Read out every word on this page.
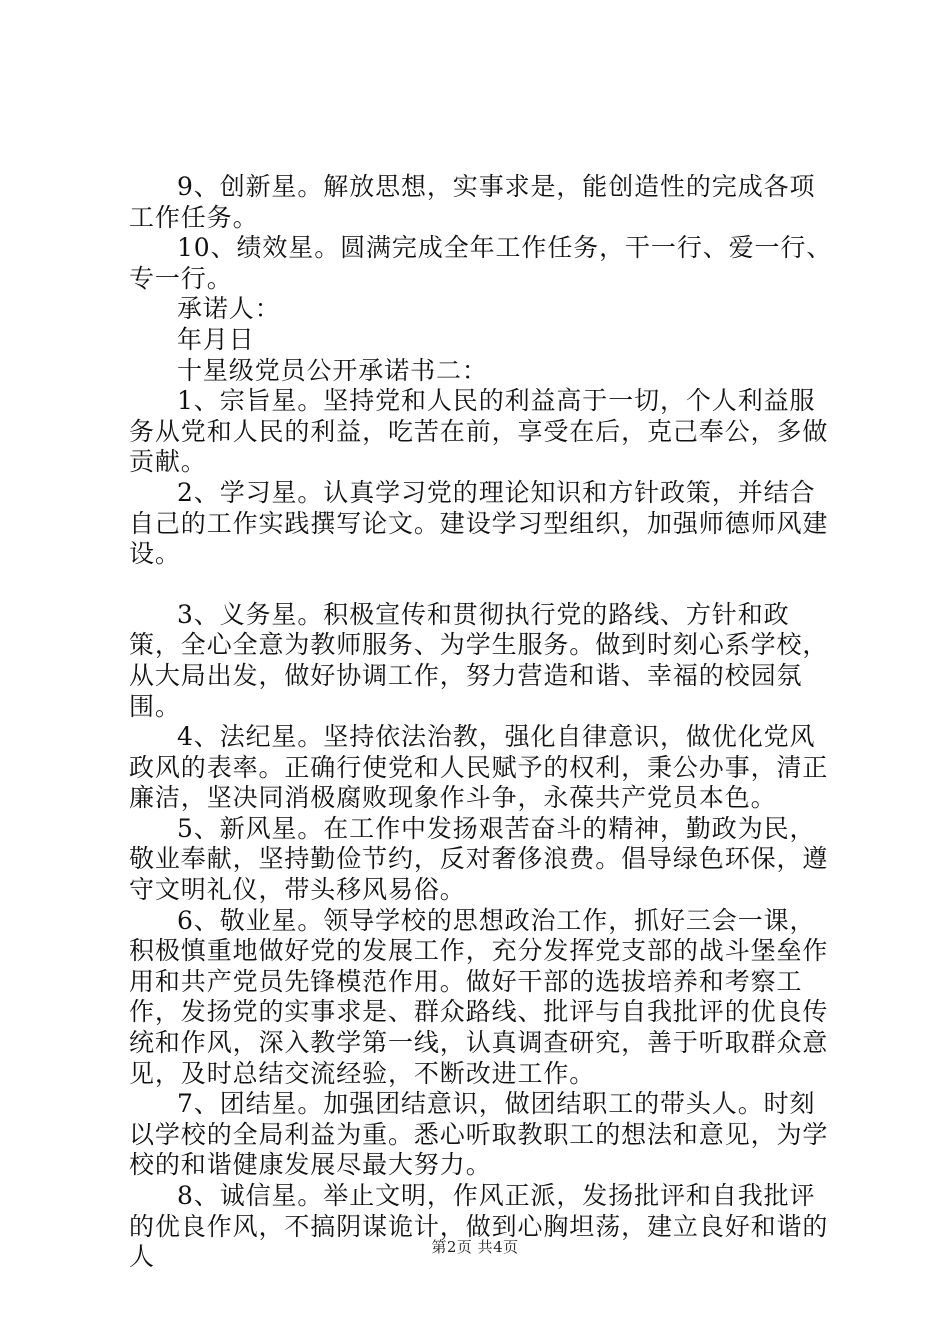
9、创新星。解放思想，实事求是，能创造性的完成各项工作任务。

10、绩效星。圆满完成全年工作任务，干一行、爱一行、专一行。

承诺人：

年月日

十星级党员公开承诺书二：

1、宗旨星。坚持党和人民的利益高于一切，个人利益服务从党和人民的利益，吃苦在前，享受在后，克己奉公，多做贡献。

2、学习星。认真学习党的理论知识和方针政策，并结合自己的工作实践撰写论文。建设学习型组织，加强师德师风建设。

3、义务星。积极宣传和贯彻执行党的路线、方针和政策，全心全意为教师服务、为学生服务。做到时刻心系学校，从大局出发，做好协调工作，努力营造和谐、幸福的校园氛围。

4、法纪星。坚持依法治教，强化自律意识，做优化党风政风的表率。正确行使党和人民赋予的权利，秉公办事，清正廉洁，坚决同消极腐败现象作斗争，永葆共产党员本色。

5、新风星。在工作中发扬艰苦奋斗的精神，勤政为民，敬业奉献，坚持勤俭节约，反对奢侈浪费。倡导绿色环保，遵守文明礼仪，带头移风易俗。

6、敬业星。领导学校的思想政治工作，抓好三会一课，积极慎重地做好党的发展工作，充分发挥党支部的战斗堡垒作用和共产党员先锋模范作用。做好干部的选拔培养和考察工作，发扬党的实事求是、群众路线、批评与自我批评的优良传统和作风，深入教学第一线，认真调查研究，善于听取群众意见，及时总结交流经验，不断改进工作。

7、团结星。加强团结意识，做团结职工的带头人。时刻以学校的全局利益为重。悉心听取教职工的想法和意见，为学校的和谐健康发展尽最大努力。

8、诚信星。举止文明，作风正派，发扬批评和自我批评的优良作风，不搞阴谋诡计，做到心胸坦荡，建立良好和谐的人	第2页 共4页
